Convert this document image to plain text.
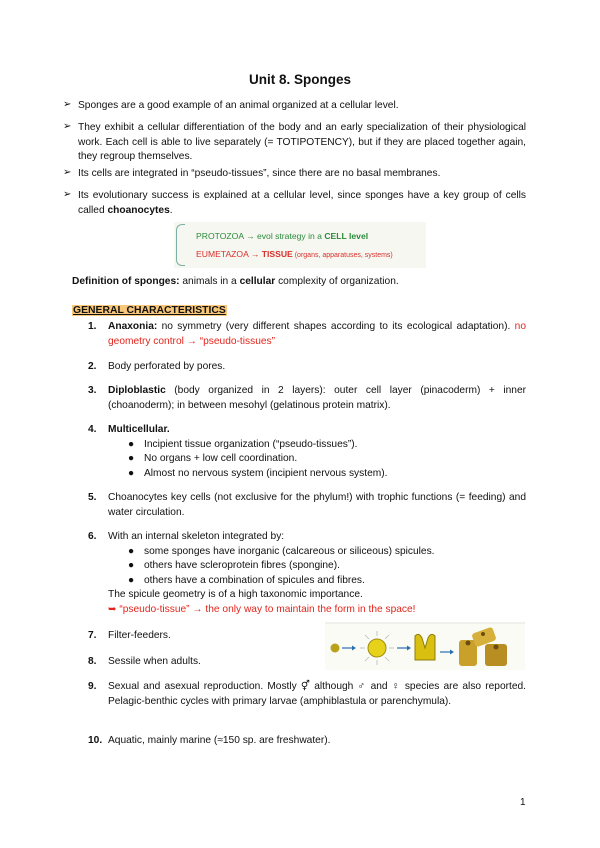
Unit 8. Sponges
➢ Sponges are a good example of an animal organized at a cellular level.

➢ They exhibit a cellular differentiation of the body and an early specialization of their physiological work. Each cell is able to live separately (= TOTIPOTENCY), but if they are placed together again, they regroup themselves.

➢ Its cells are integrated in “pseudo-tissues”, since there are no basal membranes.

➢ Its evolutionary success is explained at a cellular level, since sponges have a key group of cells called choanocytes.

PROTOZOA → evol strategy in a CELL level
EUMETAZOA → TISSUE (organs, apparatuses, systems)
Definition of sponges: animals in a cellular complexity of organization.
GENERAL CHARACTERISTICS
1. Anaxonia: no symmetry (very different shapes according to its ecological adaptation). no geometry control → “pseudo-tissues”

2. Body perforated by pores.

3. Diploblastic (body organized in 2 layers): outer cell layer (pinacoderm) + inner (choanoderm); in between mesohyl (gelatinous protein matrix).

4. Multicellular.

● Incipient tissue organization (“pseudo-tissues”).
● No organs + low cell coordination.
● Almost no nervous system (incipient nervous system).
5. Choanocytes key cells (not exclusive for the phylum!) with trophic functions (= feeding) and water circulation.

6. With an internal skeleton integrated by:

● some sponges have inorganic (calcareous or siliceous) spicules.
● others have scleroprotein fibres (spongine).
● others have a combination of spicules and fibres.

The spicule geometry is of a high taxonomic importance.

➥ “pseudo-tissue” → the only way to maintain the form in the space!

7. Filter-feeders.

8. Sessile when adults.

9. Sexual and asexual reproduction. Mostly ⚥ although ♂ and ♀ species are also reported. Pelagic-benthic cycles with primary larvae (amphiblastula or parenchymula).

10. Aquatic, mainly marine (≈150 sp. are freshwater).

1
